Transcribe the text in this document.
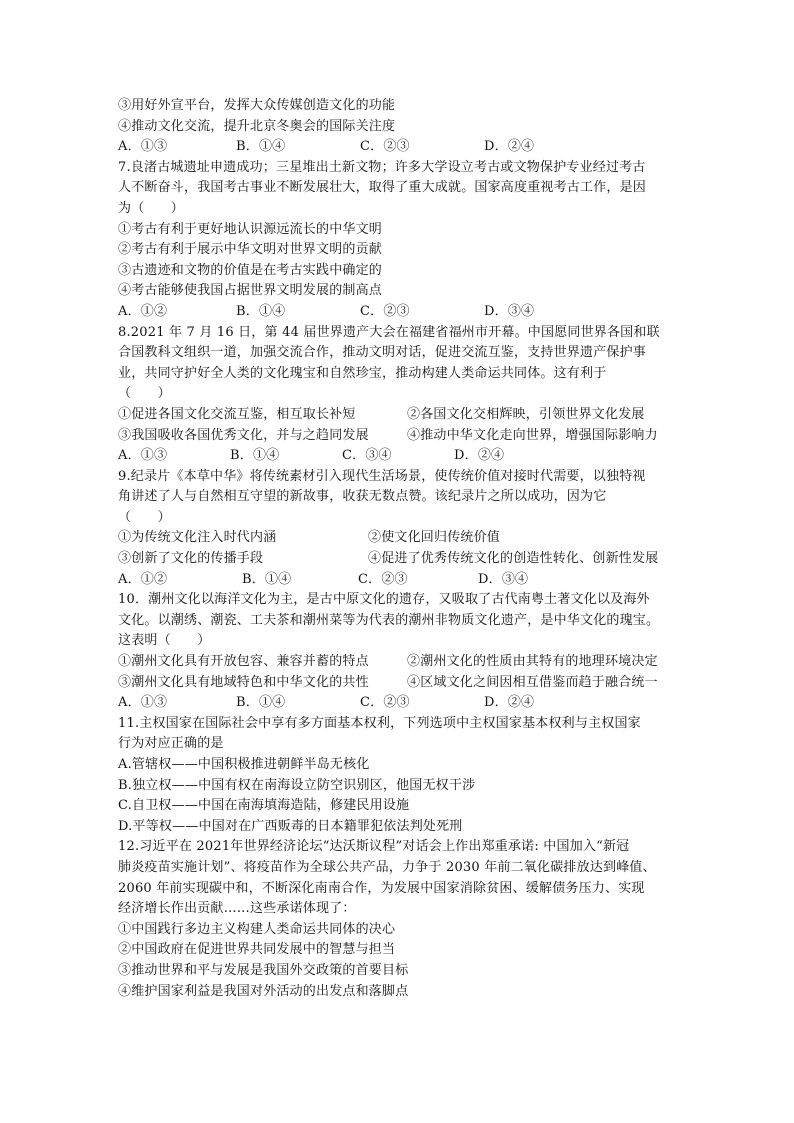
③用好外宣平台，发挥大众传媒创造文化的功能
④推动文化交流，提升北京冬奥会的国际关注度
A．①③	B．①④	C．②③	D．②④
7.良渚古城遗址申遗成功；三星堆出土新文物；许多大学设立考古或文物保护专业经过考古
人不断奋斗，我国考古事业不断发展壮大，取得了重大成就。国家高度重视考古工作，是因
为（　　）
①考古有利于更好地认识源远流长的中华文明
②考古有利于展示中华文明对世界文明的贡献
③古遗迹和文物的价值是在考古实践中确定的
④考古能够使我国占据世界文明发展的制高点
A．①②	B．①④	C．②③	D．③④
8.2021 年 7 月 16 日，第 44 届世界遗产大会在福建省福州市开幕。中国愿同世界各国和联
合国教科文组织一道，加强交流合作，推动文明对话，促进交流互鉴，支持世界遗产保护事
业，共同守护好全人类的文化瑰宝和自然珍宝，推动构建人类命运共同体。这有利于
（　　）
①促进各国文化交流互鉴，相互取长补短	②各国文化交相辉映，引领世界文化发展
③我国吸收各国优秀文化，并与之趋同发展	④推动中华文化走向世界，增强国际影响力
A．①③	B．①④	C．③④	D．②④
9.纪录片《本草中华》将传统素材引入现代生活场景，使传统价值对接时代需要，以独特视
角讲述了人与自然相互守望的新故事，收获无数点赞。该纪录片之所以成功，因为它
（　　）
①为传统文化注入时代内涵	②使文化回归传统价值
③创新了文化的传播手段	④促进了优秀传统文化的创造性转化、创新性发展
A．①②	B．①④	C．②③	D．③④
10．潮州文化以海洋文化为主，是古中原文化的遗存，又吸取了古代南粤土著文化以及海外
文化。以潮绣、潮瓷、工夫茶和潮州菜等为代表的潮州非物质文化遗产，是中华文化的瑰宝。
这表明（　　）
①潮州文化具有开放包容、兼容并蓄的特点	②潮州文化的性质由其特有的地理环境决定
③潮州文化具有地域特色和中华文化的共性	④区域文化之间因相互借鉴而趋于融合统一
A．①③	B．①④	C．②③	D．②④
11.主权国家在国际社会中享有多方面基本权利，下列选项中主权国家基本权利与主权国家
行为对应正确的是
A.管辖权——中国积极推进朝鲜半岛无核化
B.独立权——中国有权在南海设立防空识别区，他国无权干涉
C.自卫权——中国在南海填海造陆，修建民用设施
D.平等权——中国对在广西贩毒的日本籍罪犯依法判处死刑
12.习近平在 2021年世界经济论坛“达沃斯议程”对话会上作出郑重承诺: 中国加入“新冠
肺炎疫苗实施计划”、将疫苗作为全球公共产品，力争于 2030 年前二氧化碳排放达到峰值、
2060 年前实现碳中和，不断深化南南合作，为发展中国家消除贫困、缓解债务压力、实现
经济增长作出贡献……这些承诺体现了：
①中国践行多边主义构建人类命运共同体的决心
②中国政府在促进世界共同发展中的智慧与担当
③推动世界和平与发展是我国外交政策的首要目标
④维护国家利益是我国对外活动的出发点和落脚点
